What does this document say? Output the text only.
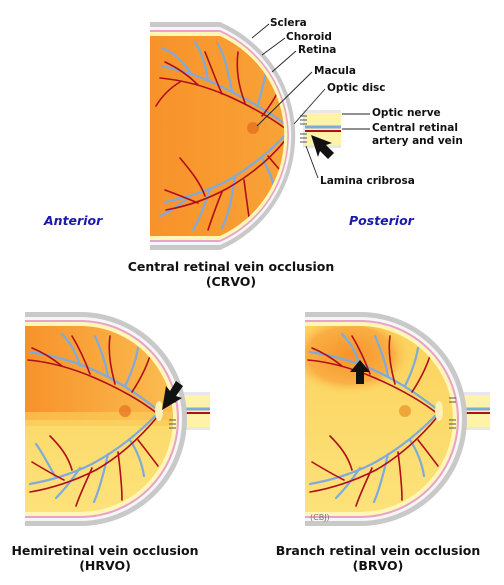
Sclera
Choroid
Retina
Macula
Optic disc
Optic nerve
Central retinal
artery and vein
Lamina cribrosa
Anterior	Posterior
Central retinal vein occlusion
(CRVO)
Hemiretinal vein occlusion
(HRVO)
(CBJ)
Branch retinal vein occlusion
(BRVO)
